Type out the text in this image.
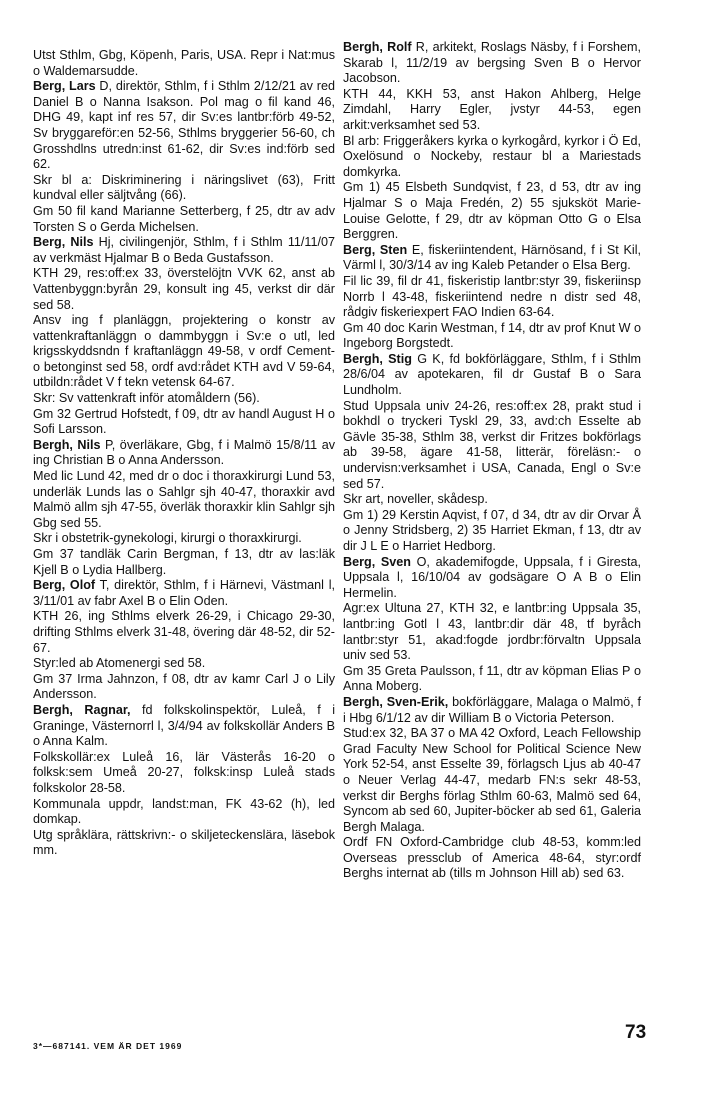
Utst Sthlm, Gbg, Köpenh, Paris, USA. Repr i Nat:mus o Waldemarsudde.
Berg, Lars D, direktör, Sthlm, f i Sthlm 2/12/21 av red Daniel B o Nanna Isakson. Pol mag o fil kand 46, DHG 49, kapt inf res 57, dir Sv:es lantbr:förb 49-52, Sv bryggareför:en 52-56, Sthlms bryggerier 56-60, ch Grosshdlns utredn:inst 61-62, dir Sv:es ind:förb sed 62.
Skr bl a: Diskriminering i näringslivet (63), Fritt kundval eller säljtvång (66).
Gm 50 fil kand Marianne Setterberg, f 25, dtr av adv Torsten S o Gerda Michelsen.
Berg, Nils Hj, civilingenjör, Sthlm, f i Sthlm 11/11/07 av verkmäst Hjalmar B o Beda Gustafsson.
KTH 29, res:off:ex 33, överstelöjtn VVK 62, anst ab Vattenbyggn:byrån 29, konsult ing 45, verkst dir där sed 58.
Ansv ing f planläggn, projektering o konstr av vattenkraftanläggn o dammbyggn i Sv:e o utl, led krigsskyddsndn f kraftanläggn 49-58, v ordf Cement- o betonginst sed 58, ordf avd:rådet KTH avd V 59-64, utbildn:rådet V f tekn vetensk 64-67.
Skr: Sv vattenkraft inför atomåldern (56).
Gm 32 Gertrud Hofstedt, f 09, dtr av handl August H o Sofi Larsson.
Bergh, Nils P, överläkare, Gbg, f i Malmö 15/8/11 av ing Christian B o Anna Andersson.
Med lic Lund 42, med dr o doc i thoraxkirurgi Lund 53, underläk Lunds las o Sahlgr sjh 40-47, thoraxkir avd Malmö allm sjh 47-55, överläk thoraxkir klin Sahlgr sjh Gbg sed 55.
Skr i obstetrik-gynekologi, kirurgi o thoraxkirurgi.
Gm 37 tandläk Carin Bergman, f 13, dtr av las:läk Kjell B o Lydia Hallberg.
Berg, Olof T, direktör, Sthlm, f i Härnevi, Västmanl l, 3/11/01 av fabr Axel B o Elin Oden.
KTH 26, ing Sthlms elverk 26-29, i Chicago 29-30, drifting Sthlms elverk 31-48, övering där 48-52, dir 52-67.
Styr:led ab Atomenergi sed 58.
Gm 37 Irma Jahnzon, f 08, dtr av kamr Carl J o Lily Andersson.
Bergh, Ragnar, fd folkskolinspektör, Luleå, f i Graninge, Västernorrl l, 3/4/94 av folkskollär Anders B o Anna Kalm.
Folkskollär:ex Luleå 16, lär Västerås 16-20 o folksk:sem Umeå 20-27, folksk:insp Luleå stads folkskolor 28-58.
Kommunala uppdr, landst:man, FK 43-62 (h), led domkap.
Utg språklära, rättskrivn:- o skiljeteckenslära, läsebok mm.
Bergh, Rolf R, arkitekt, Roslags Näsby, f i Forshem, Skarab l, 11/2/19 av bergsing Sven B o Hervor Jacobson.
KTH 44, KKH 53, anst Hakon Ahlberg, Helge Zimdahl, Harry Egler, jvstyr 44-53, egen arkit:verksamhet sed 53.
Bl arb: Friggeråkers kyrka o kyrkogård, kyrkor i Ö Ed, Oxelösund o Nockeby, restaur bl a Mariestads domkyrka.
Gm 1) 45 Elsbeth Sundqvist, f 23, d 53, dtr av ing Hjalmar S o Maja Fredén, 2) 55 sjuksköt Marie-Louise Gelotte, f 29, dtr av köpman Otto G o Elsa Berggren.
Berg, Sten E, fiskeriintendent, Härnösand, f i St Kil, Värml l, 30/3/14 av ing Kaleb Petander o Elsa Berg.
Fil lic 39, fil dr 41, fiskeristip lantbr:styr 39, fiskeriinsp Norrb l 43-48, fiskeriintend nedre n distr sed 48, rådgiv fiskeriexpert FAO Indien 63-64.
Gm 40 doc Karin Westman, f 14, dtr av prof Knut W o Ingeborg Borgstedt.
Bergh, Stig G K, fd bokförläggare, Sthlm, f i Sthlm 28/6/04 av apotekaren, fil dr Gustaf B o Sara Lundholm.
Stud Uppsala univ 24-26, res:off:ex 28, prakt stud i bokhdl o tryckeri Tyskl 29, 33, avd:ch Esselte ab Gävle 35-38, Sthlm 38, verkst dir Fritzes bokförlags ab 39-58, ägare 41-58, litterär, föreläsn:- o undervisn:verksamhet i USA, Canada, Engl o Sv:e sed 57.
Skr art, noveller, skådesp.
Gm 1) 29 Kerstin Aqvist, f 07, d 34, dtr av dir Orvar Å o Jenny Stridsberg, 2) 35 Harriet Ekman, f 13, dtr av dir J L E o Harriet Hedborg.
Berg, Sven O, akademifogde, Uppsala, f i Giresta, Uppsala l, 16/10/04 av godsägare O A B o Elin Hermelin.
Agr:ex Ultuna 27, KTH 32, e lantbr:ing Uppsala 35, lantbr:ing Gotl l 43, lantbr:dir där 48, tf byråch lantbr:styr 51, akad:fogde jordbr:förvaltn Uppsala univ sed 53.
Gm 35 Greta Paulsson, f 11, dtr av köpman Elias P o Anna Moberg.
Bergh, Sven-Erik, bokförläggare, Malaga o Malmö, f i Hbg 6/1/12 av dir William B o Victoria Peterson.
Stud:ex 32, BA 37 o MA 42 Oxford, Leach Fellowship Grad Faculty New School for Political Science New York 52-54, anst Esselte 39, förlagsch Ljus ab 40-47 o Neuer Verlag 44-47, medarb FN:s sekr 48-53, verkst dir Berghs förlag Sthlm 60-63, Malmö sed 64, Syncom ab sed 60, Jupiter-böcker ab sed 61, Galeria Bergh Malaga.
Ordf FN Oxford-Cambridge club 48-53, komm:led Overseas pressclub of America 48-64, styr:ordf Berghs internat ab (tills m Johnson Hill ab) sed 63.
3*—687141. VEM ÄR DET 1969
73
